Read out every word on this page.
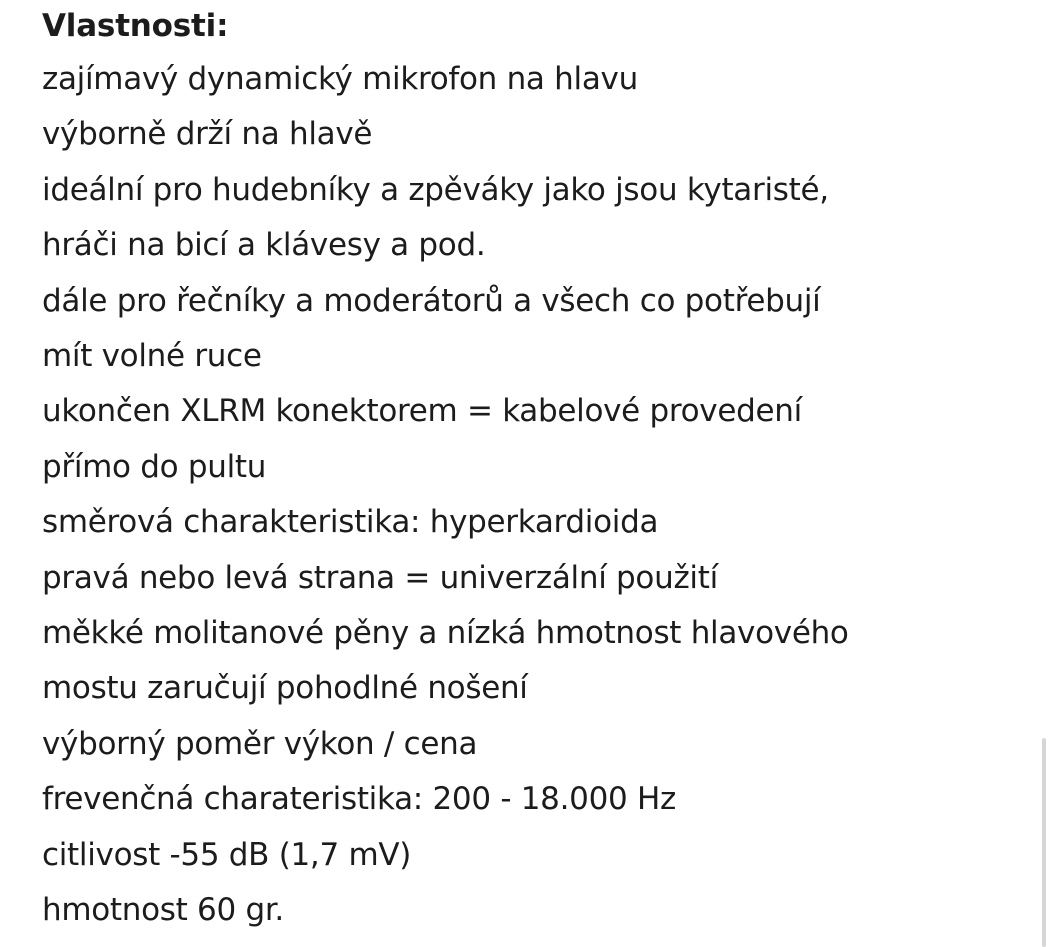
Vlastnosti:
zajímavý dynamický mikrofon na hlavu
výborně drží na hlavě
ideální pro hudebníky a zpěváky jako jsou kytaristé,
hráči na bicí a klávesy a pod.
dále pro řečníky a moderátorů a všech co potřebují
mít volné ruce
ukončen XLRM konektorem = kabelové provedení
přímo do pultu
směrová charakteristika: hyperkardioida
pravá nebo levá strana = univerzální použití
měkké molitanové pěny a nízká hmotnost hlavového
mostu zaručují pohodlné nošení
výborný poměr výkon / cena
frevenčná charateristika: 200 - 18.000 Hz
citlivost -55 dB (1,7 mV)
hmotnost 60 gr.
